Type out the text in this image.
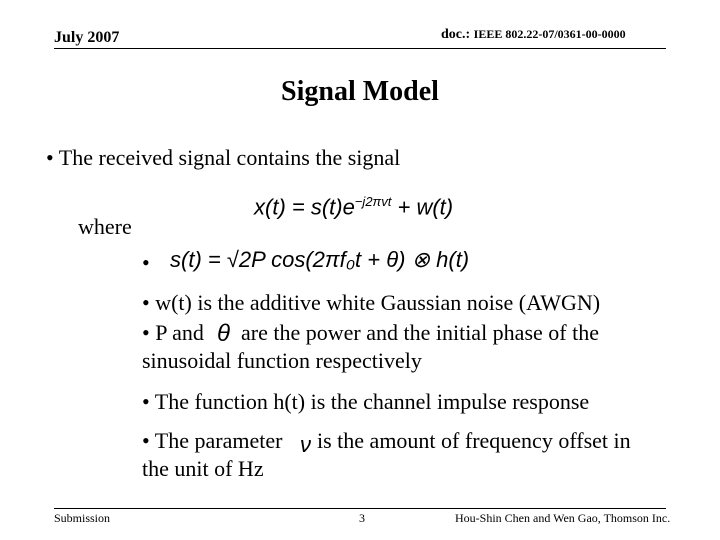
July 2007	doc.: IEEE 802.22-07/0361-00-0000
Signal Model
• The received signal contains the signal
where
$x(t) = s(t)e^{-j2\pi vt} + w(t)$
• s(t) = √2P cos(2πf₀t + θ) ⊗ h(t)
• w(t) is the additive white Gaussian noise (AWGN)
• P and θ are the power and the initial phase of the
sinusoidal function respectively
• The function h(t) is the channel impulse response
• The parameter ν is the amount of frequency offset in
the unit of Hz
Submission	3	Hou-Shin Chen and Wen Gao, Thomson Inc.
